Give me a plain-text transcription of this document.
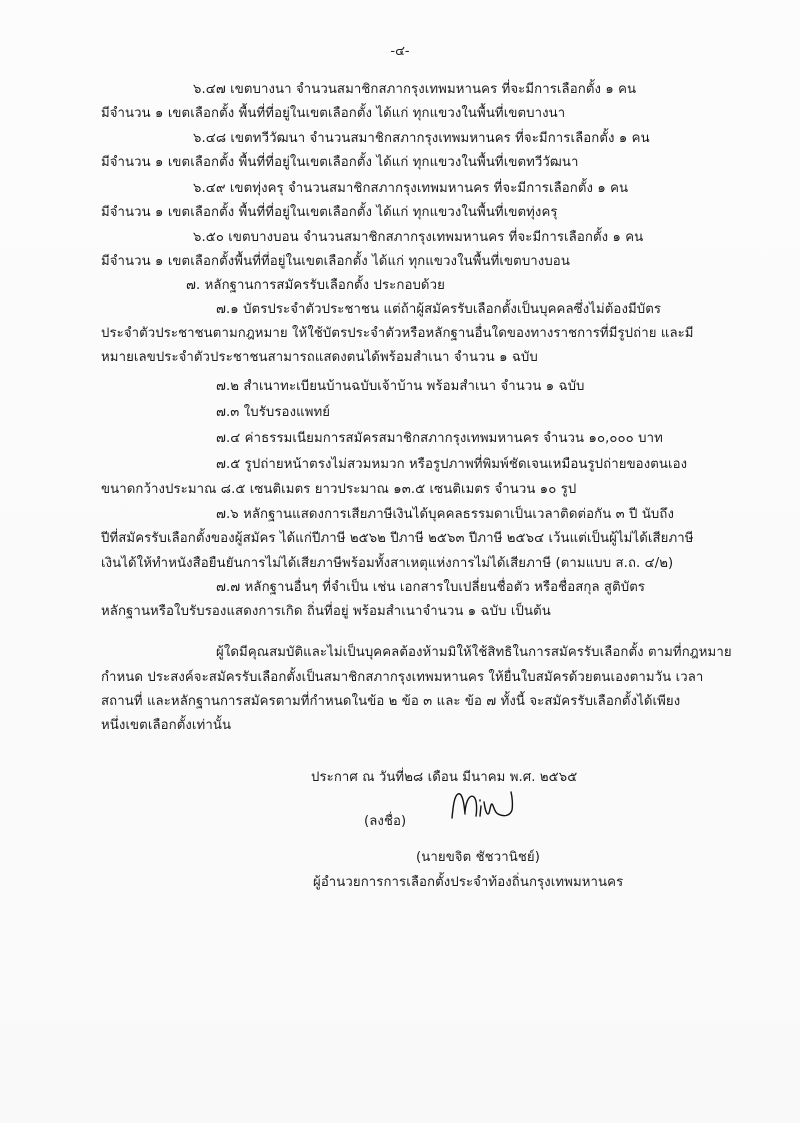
-๔-
๖.๔๗ เขตบางนา จำนวนสมาชิกสภากรุงเทพมหานคร ที่จะมีการเลือกตั้ง ๑ คน
มีจำนวน ๑ เขตเลือกตั้ง พื้นที่ที่อยู่ในเขตเลือกตั้ง ได้แก่ ทุกแขวงในพื้นที่เขตบางนา
๖.๔๘ เขตทวีวัฒนา จำนวนสมาชิกสภากรุงเทพมหานคร ที่จะมีการเลือกตั้ง ๑ คน
มีจำนวน ๑ เขตเลือกตั้ง พื้นที่ที่อยู่ในเขตเลือกตั้ง ได้แก่ ทุกแขวงในพื้นที่เขตทวีวัฒนา
๖.๔๙ เขตทุ่งครุ จำนวนสมาชิกสภากรุงเทพมหานคร ที่จะมีการเลือกตั้ง ๑ คน
มีจำนวน ๑ เขตเลือกตั้ง พื้นที่ที่อยู่ในเขตเลือกตั้ง ได้แก่ ทุกแขวงในพื้นที่เขตทุ่งครุ
๖.๕๐ เขตบางบอน จำนวนสมาชิกสภากรุงเทพมหานคร ที่จะมีการเลือกตั้ง ๑ คน
มีจำนวน ๑ เขตเลือกตั้งพื้นที่ที่อยู่ในเขตเลือกตั้ง ได้แก่ ทุกแขวงในพื้นที่เขตบางบอน
๗. หลักฐานการสมัครรับเลือกตั้ง ประกอบด้วย
๗.๑ บัตรประจำตัวประชาชน แต่ถ้าผู้สมัครรับเลือกตั้งเป็นบุคคลซึ่งไม่ต้องมีบัตร
ประจำตัวประชาชนตามกฎหมาย ให้ใช้บัตรประจำตัวหรือหลักฐานอื่นใดของทางราชการที่มีรูปถ่าย และมี
หมายเลขประจำตัวประชาชนสามารถแสดงตนได้พร้อมสำเนา จำนวน ๑ ฉบับ
๗.๒ สำเนาทะเบียนบ้านฉบับเจ้าบ้าน พร้อมสำเนา จำนวน ๑ ฉบับ
๗.๓ ใบรับรองแพทย์
๗.๔ ค่าธรรมเนียมการสมัครสมาชิกสภากรุงเทพมหานคร จำนวน ๑๐,๐๐๐ บาท
๗.๕ รูปถ่ายหน้าตรงไม่สวมหมวก หรือรูปภาพที่พิมพ์ชัดเจนเหมือนรูปถ่ายของตนเอง
ขนาดกว้างประมาณ ๘.๕ เซนติเมตร ยาวประมาณ ๑๓.๕ เซนติเมตร จำนวน ๑๐ รูป
๗.๖ หลักฐานแสดงการเสียภาษีเงินได้บุคคลธรรมดาเป็นเวลาติดต่อกัน ๓ ปี นับถึง
ปีที่สมัครรับเลือกตั้งของผู้สมัคร ได้แก่ปีภาษี ๒๕๖๒ ปีภาษี ๒๕๖๓ ปีภาษี ๒๕๖๔ เว้นแต่เป็นผู้ไม่ได้เสียภาษี
เงินได้ให้ทำหนังสือยืนยันการไม่ได้เสียภาษีพร้อมทั้งสาเหตุแห่งการไม่ได้เสียภาษี (ตามแบบ ส.ถ. ๔/๒)
๗.๗ หลักฐานอื่นๆ ที่จำเป็น เช่น เอกสารใบเปลี่ยนชื่อตัว หรือชื่อสกุล สูติบัตร
หลักฐานหรือใบรับรองแสดงการเกิด ถิ่นที่อยู่ พร้อมสำเนาจำนวน ๑ ฉบับ เป็นต้น
ผู้ใดมีคุณสมบัติและไม่เป็นบุคคลต้องห้ามมิให้ใช้สิทธิในการสมัครรับเลือกตั้ง ตามที่กฎหมาย
กำหนด ประสงค์จะสมัครรับเลือกตั้งเป็นสมาชิกสภากรุงเทพมหานคร ให้ยื่นใบสมัครด้วยตนเองตามวัน เวลา
สถานที่ และหลักฐานการสมัครตามที่กำหนดในข้อ ๒ ข้อ ๓ และ ข้อ ๗ ทั้งนี้ จะสมัครรับเลือกตั้งได้เพียง
หนึ่งเขตเลือกตั้งเท่านั้น
ประกาศ ณ วันที่๒๘ เดือน มีนาคม พ.ศ. ๒๕๖๕
(ลงชื่อ)
(นายขจิต ชัชวานิชย์)
ผู้อำนวยการการเลือกตั้งประจำท้องถิ่นกรุงเทพมหานคร
